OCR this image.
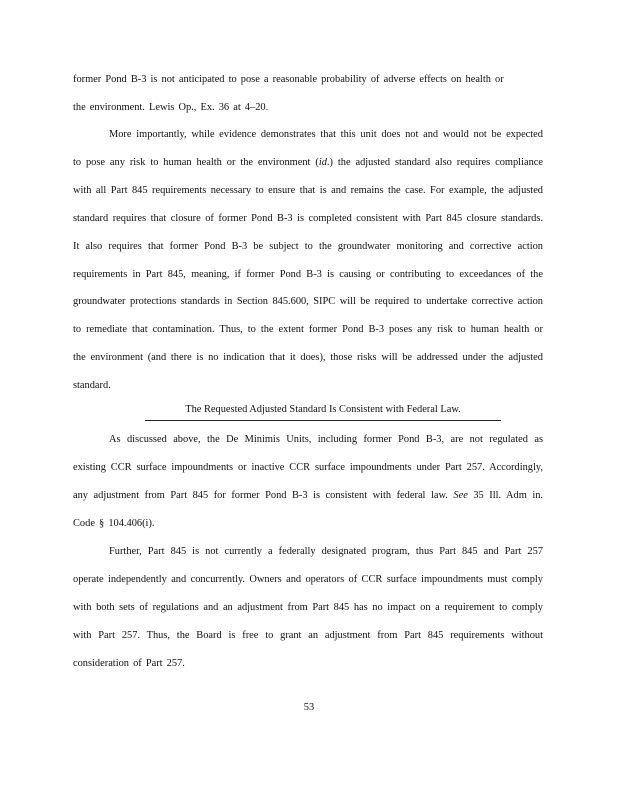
former Pond B-3 is not anticipated to pose a reasonable probability of adverse effects on health or

the environment. Lewis Op., Ex. 36 at 4–20.

More importantly, while evidence demonstrates that this unit does not and would not be expected to pose any risk to human health or the environment (id.) the adjusted standard also requires compliance with all Part 845 requirements necessary to ensure that is and remains the case. For example, the adjusted standard requires that closure of former Pond B-3 is completed consistent with Part 845 closure standards. It also requires that former Pond B-3 be subject to the groundwater monitoring and corrective action requirements in Part 845, meaning, if former Pond B-3 is causing or contributing to exceedances of the groundwater protections standards in Section 845.600, SIPC will be required to undertake corrective action to remediate that contamination. Thus, to the extent former Pond B-3 poses any risk to human health or the environment (and there is no indication that it does), those risks will be addressed under the adjusted standard.

The Requested Adjusted Standard Is Consistent with Federal Law.

As discussed above, the De Minimis Units, including former Pond B-3, are not regulated as existing CCR surface impoundments or inactive CCR surface impoundments under Part 257. Accordingly, any adjustment from Part 845 for former Pond B-3 is consistent with federal law. See 35 Ill. Adm in. Code § 104.406(i).

Further, Part 845 is not currently a federally designated program, thus Part 845 and Part 257 operate independently and concurrently. Owners and operators of CCR surface impoundments must comply with both sets of regulations and an adjustment from Part 845 has no impact on a requirement to comply with Part 257. Thus, the Board is free to grant an adjustment from Part 845 requirements without consideration of Part 257.

53
